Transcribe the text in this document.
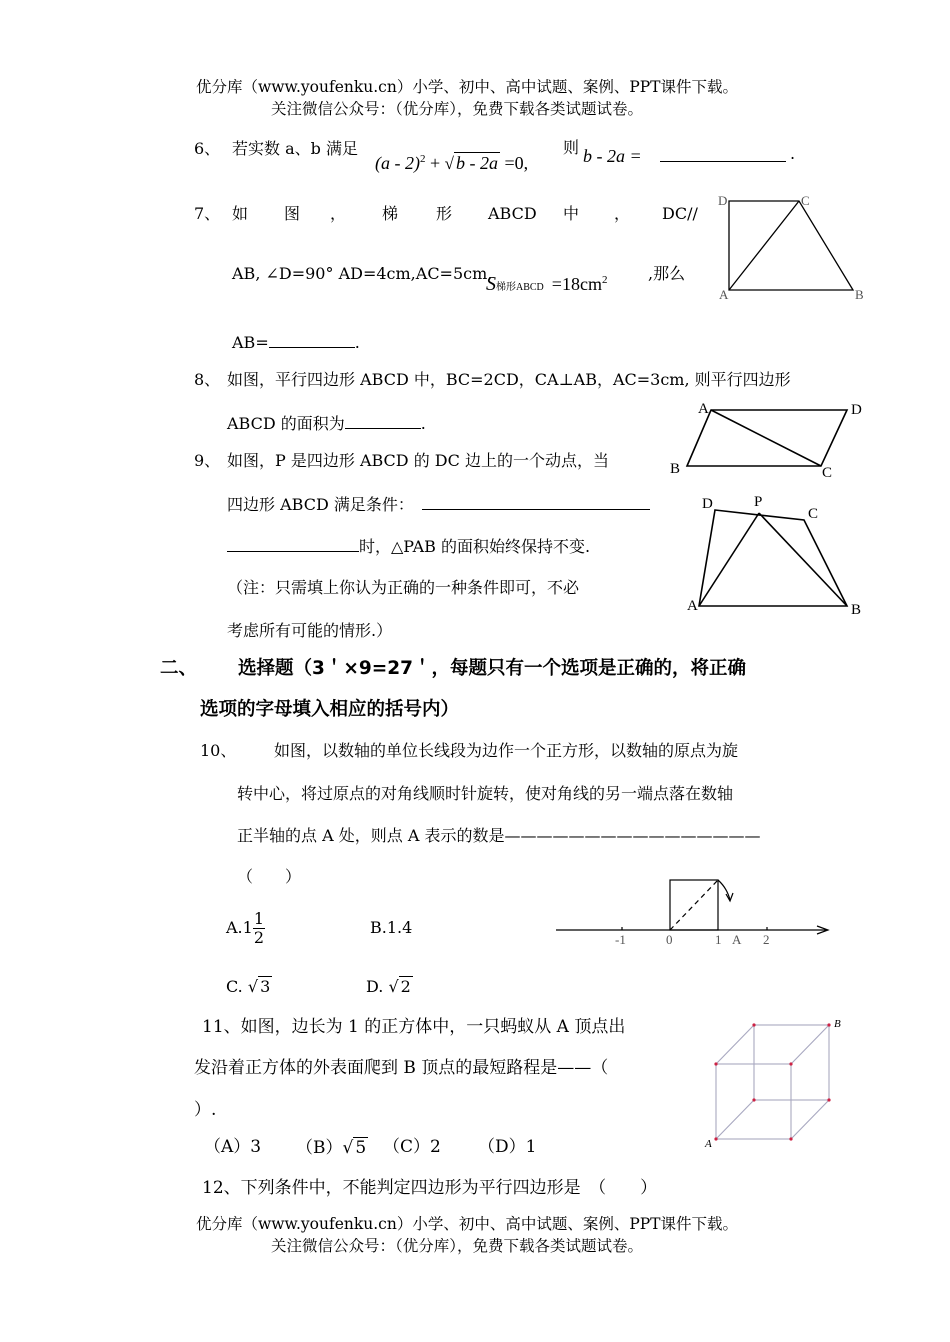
优分库（www.youfenku.cn）小学、初中、高中试题、案例、PPT课件下载。
关注微信公众号：（优分库），免费下载各类试题试卷。
6、 若实数 a、b 满足
(a - 2)$^2$ + √ b - 2a =0,
则 b - 2a =	.
7、 如 图 ， 梯 形 ABCD 中 ， DC//
AB, ∠D=90° AD=4cm,AC=5cm,
S梯形ABCD $=18cm^2$	,那么
AB=	.
D	C
A	B
8、 如图，平行四边形 ABCD 中，BC=2CD，CA⊥AB，AC=3cm, 则平行四边形
ABCD 的面积为	.
A	D
B	C
9、 如图，P 是四边形 ABCD 的 DC 边上的一个动点，当
四边形 ABCD 满足条件：
时，△PAB 的面积始终保持不变.
（注：只需填上你认为正确的一种条件即可，不必
考虑所有可能的情形.）
D	P
C
A	B
二、 选择题（3＇×9=27＇，每题只有一个选项是正确的，将正确
选项的字母填入相应的括号内）
10、 如图，以数轴的单位长线段为边作一个正方形，以数轴的原点为旋
转中心，将过原点的对角线顺时针旋转，使对角线的另一端点落在数轴
正半轴的点 A 处，则点 A 表示的数是————————————————
（　　）
$A.1 \frac{1}{2}$	B.1.4
C. √ 3	D. √ 2
-1	0	1 A 2
11、如图，边长为 1 的正方体中，一只蚂蚁从 A 顶点出
发沿着正方体的外表面爬到 B 顶点的最短路程是——（
）.
（A）3 （B）√ 5 （C）2 （D）1	A
B
12、下列条件中，不能判定四边形为平行四边形是　（　　）
优分库（www.youfenku.cn）小学、初中、高中试题、案例、PPT课件下载。
关注微信公众号：（优分库），免费下载各类试题试卷。
